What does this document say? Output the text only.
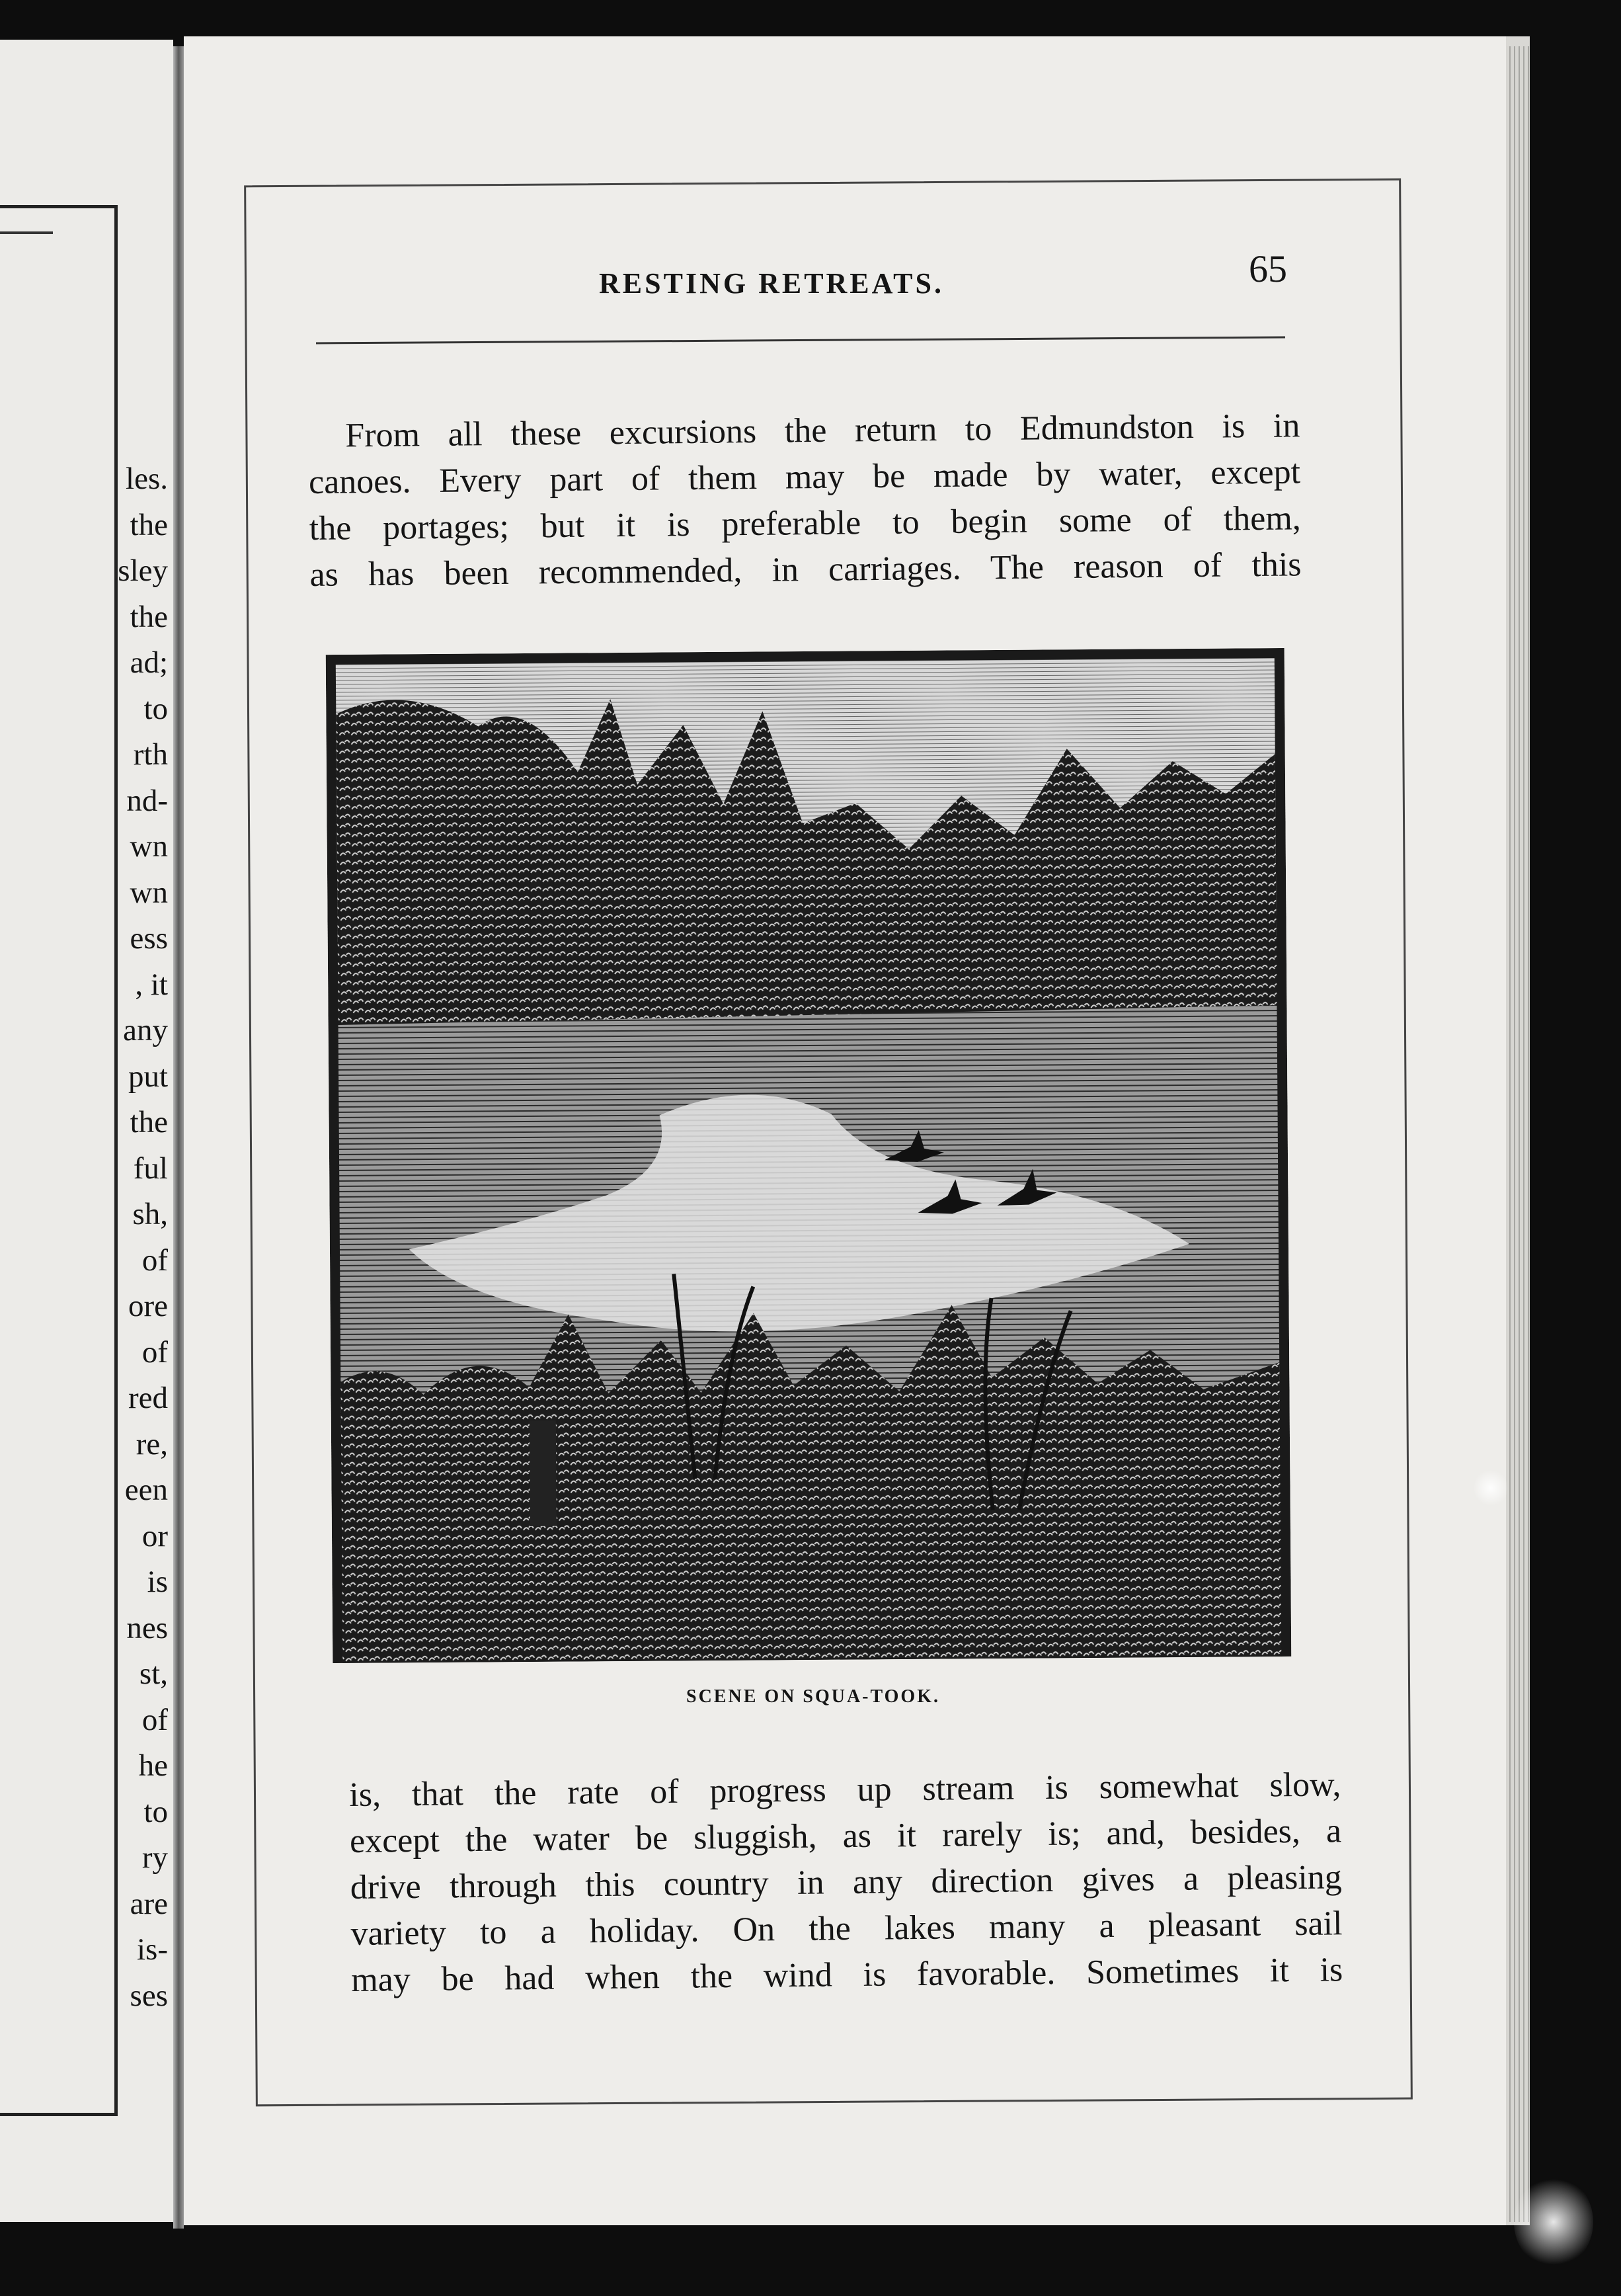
les.
the
sley
the
ad;
to
rth
nd-
wn
wn
ess
, it
any
put
the
ful
sh,
of
ore
of
red
re,
een
or
is
nes
st,
of
he
to
ry
are
is-
ses
RESTING RETREATS.	65
From all these excursions the return to Edmundston is in
canoes. Every part of them may be made by water, except
the portages; but it is preferable to begin some of them,
as has been recommended, in carriages. The reason of this
SCENE ON SQUA-TOOK.
is, that the rate of progress up stream is somewhat slow,
except the water be sluggish, as it rarely is; and, besides, a
drive through this country in any direction gives a pleasing
variety to a holiday. On the lakes many a pleasant sail
may be had when the wind is favorable. Sometimes it is
